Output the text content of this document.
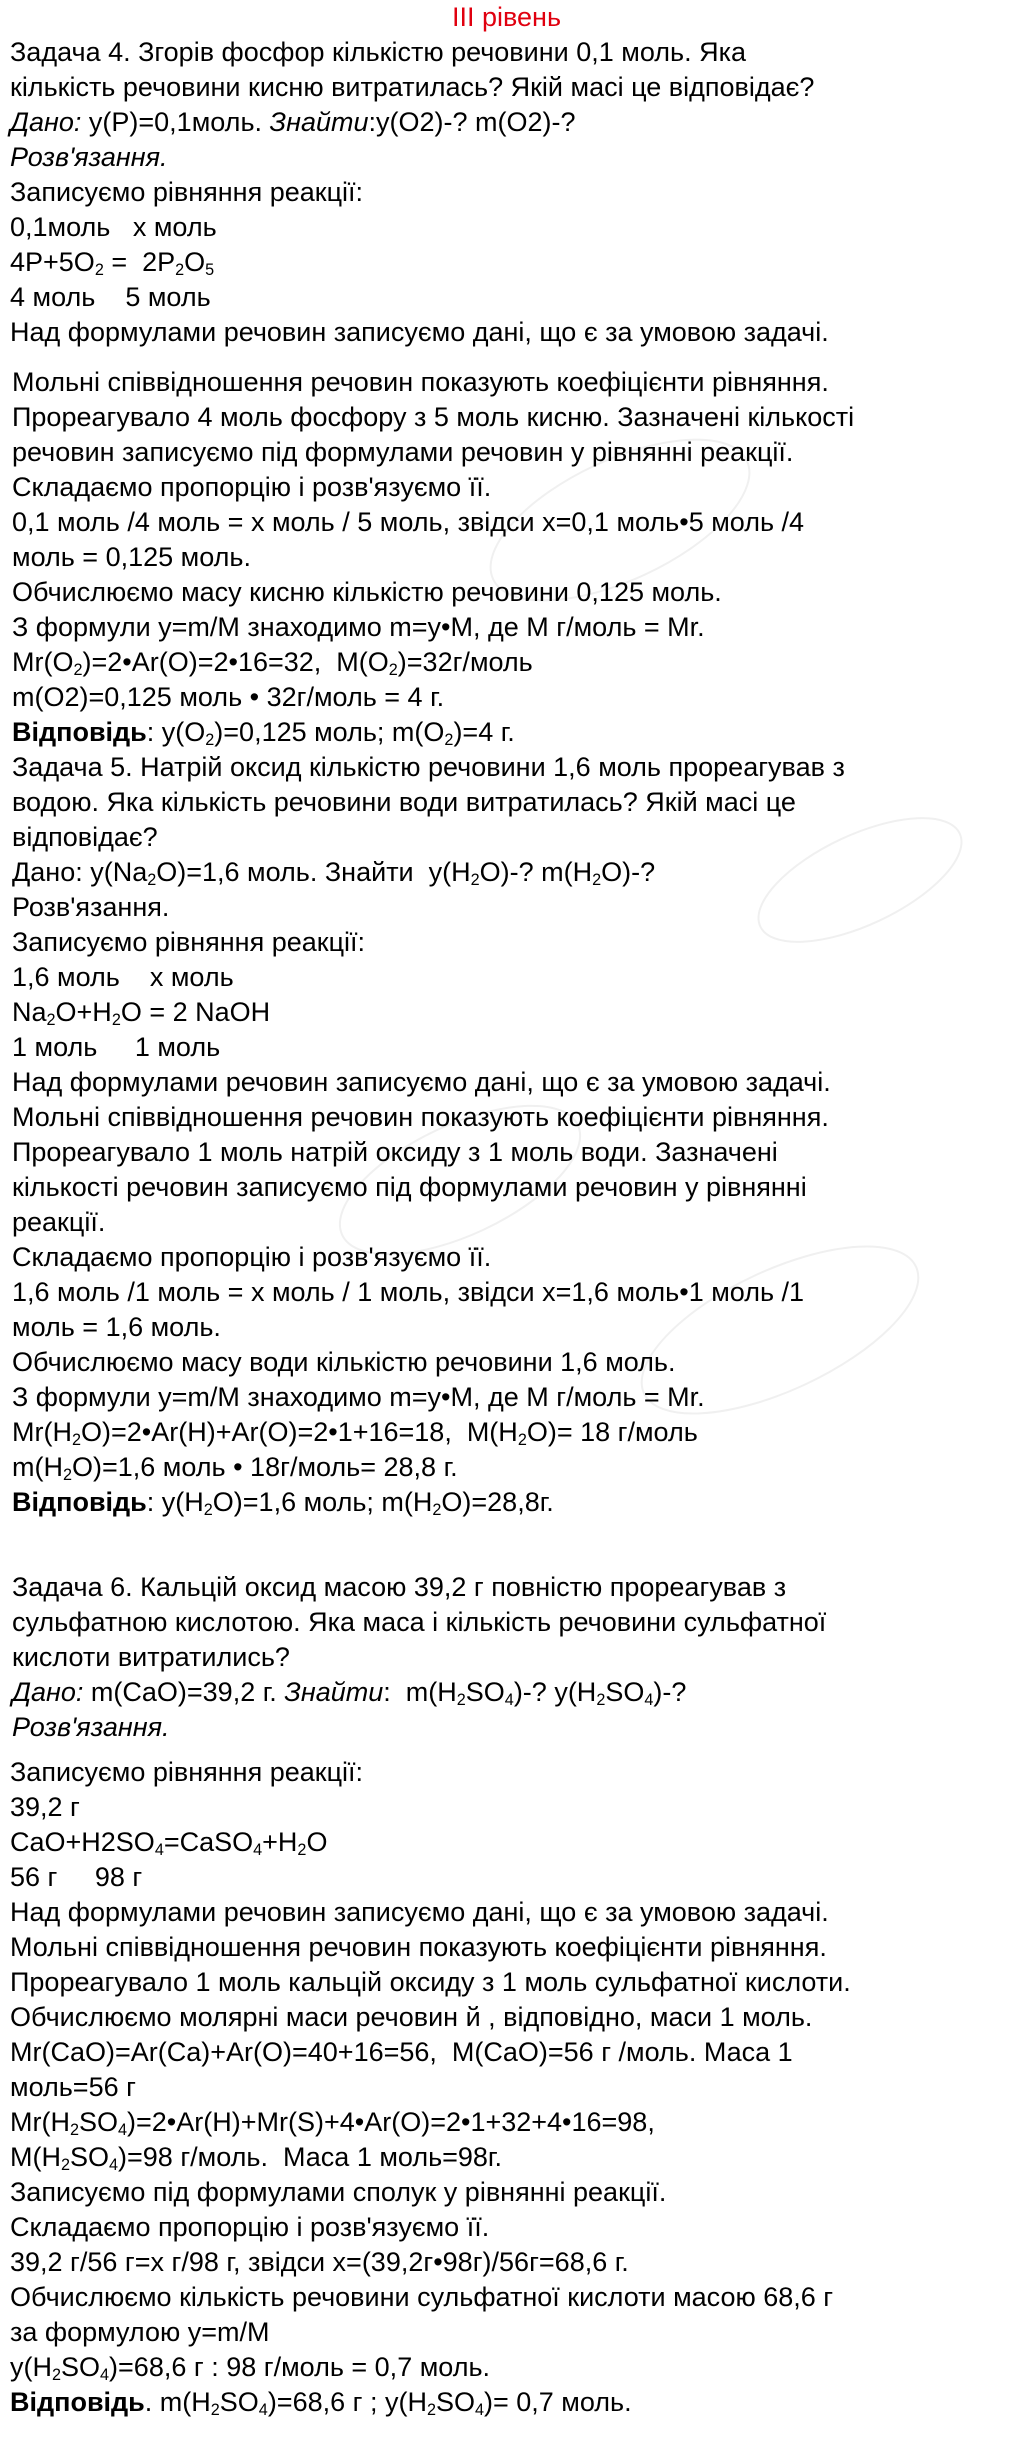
III рівень

Задача 4. Згорів фосфор кількістю речовини 0,1 моль. Яка

кількість речовини кисню витратилась? Якій масі це відповідає?

Дано: y(P)=0,1моль. Знайти:y(O2)-? m(O2)-?

Розв'язання.

Записуємо рівняння реакції:

0,1моль   x моль

$4P+5O_2 = 2P_2O_5$

4 моль    5 моль

Над формулами речовин записуємо дані, що є за умовою задачі.

Мольні співвідношення речовин показують коефіцієнти рівняння.

Прореагувало 4 моль фосфору з 5 моль кисню. Зазначені кількості

речовин записуємо під формулами речовин у рівнянні реакції.

Складаємо пропорцію і розв'язуємо її.

0,1 моль /4 моль = x моль / 5 моль, звідси х=0,1 моль•5 моль /4

моль = 0,125 моль.

Обчислюємо масу кисню кількістю речовини 0,125 моль.

З формули y=m/M знаходимо m=y•M, де M г/моль = Mr.

$Mr(O_2)=2•Ar(O)=2•16=32$,  $M(O_2)=32г$/моль

m(O2)=0,125 моль • 32г/моль = 4 г.

Відповідь: $y(O_2)=0,125$ моль; $m(O_2)=4$ г.

Задача 5. Натрій оксид кількістю речовини 1,6 моль прореагував з

водою. Яка кількість речовини води витратилась? Якій масі це

відповідає?

Дано: $y(Na_2O)=1,6$ моль. Знайти  $y(H_2O)-$? $m(H_2O)-$?

Розв'язання.

Записуємо рівняння реакції:

1,6 моль    x моль

$Na_2O+H_2O = 2$ NaOH

1 моль     1 моль

Над формулами речовин записуємо дані, що є за умовою задачі.

Мольні співвідношення речовин показують коефіцієнти рівняння.

Прореагувало 1 моль натрій оксиду з 1 моль води. Зазначені

кількості речовин записуємо під формулами речовин у рівнянні

реакції.

Складаємо пропорцію і розв'язуємо її.

1,6 моль /1 моль = x моль / 1 моль, звідси х=1,6 моль•1 моль /1

моль = 1,6 моль.

Обчислюємо масу води кількістю речовини 1,6 моль.

З формули y=m/M знаходимо m=y•M, де M г/моль = Mr.

$Mr(H_2O)=2•Ar(H)+Ar(O)=2•1+16=18$,  $M(H_2O)= 18$ г/моль

$m(H_2O)=1,6$ моль • 18г/моль= 28,8 г.

Відповідь: $y(H_2O)=1,6$ моль; $m(H_2O)=28,8г$.

Задача 6. Кальцій оксид масою 39,2 г повністю прореагував з

сульфатною кислотою. Яка маса і кількість речовини сульфатної

кислоти витратились?

Дано: m(CaO)=39,2 г. Знайти:  $m(H_2SO_4)-$? $y(H_2SO_4)-$?

Розв'язання.

Записуємо рівняння реакції:

39,2 г

$CaO+H2SO_4=CaSO_4+H_2O$

56 г     98 г

Над формулами речовин записуємо дані, що є за умовою задачі.

Мольні співвідношення речовин показують коефіцієнти рівняння.

Прореагувало 1 моль кальцій оксиду з 1 моль сульфатної кислоти.

Обчислюємо молярні маси речовин й , відповідно, маси 1 моль.

Mr(CaO)=Ar(Ca)+Ar(O)=40+16=56,  M(CaO)=56 г /моль. Маса 1

моль=56 г

$Mr(H_2SO_4)=2•Ar(H)+Mr(S)+4•Ar(O)=2•1+32+4•16=98$,

$M(H_2SO_4)=98$ г/моль.  Маса 1 моль=98г.

Записуємо під формулами сполук у рівнянні реакції.

Складаємо пропорцію і розв'язуємо її.

39,2 г/56 г=х г/98 г, звідси х=(39,2г•98г)/56г=68,6 г.

Обчислюємо кількість речовини сульфатної кислоти масою 68,6 г

за формулою y=m/M

$y(H_2SO_4)=68,6$ г : 98 г/моль = 0,7 моль.

Відповідь. $m(H_2SO_4)=68,6$ г ; $y(H_2SO_4)= 0,7$ моль.
